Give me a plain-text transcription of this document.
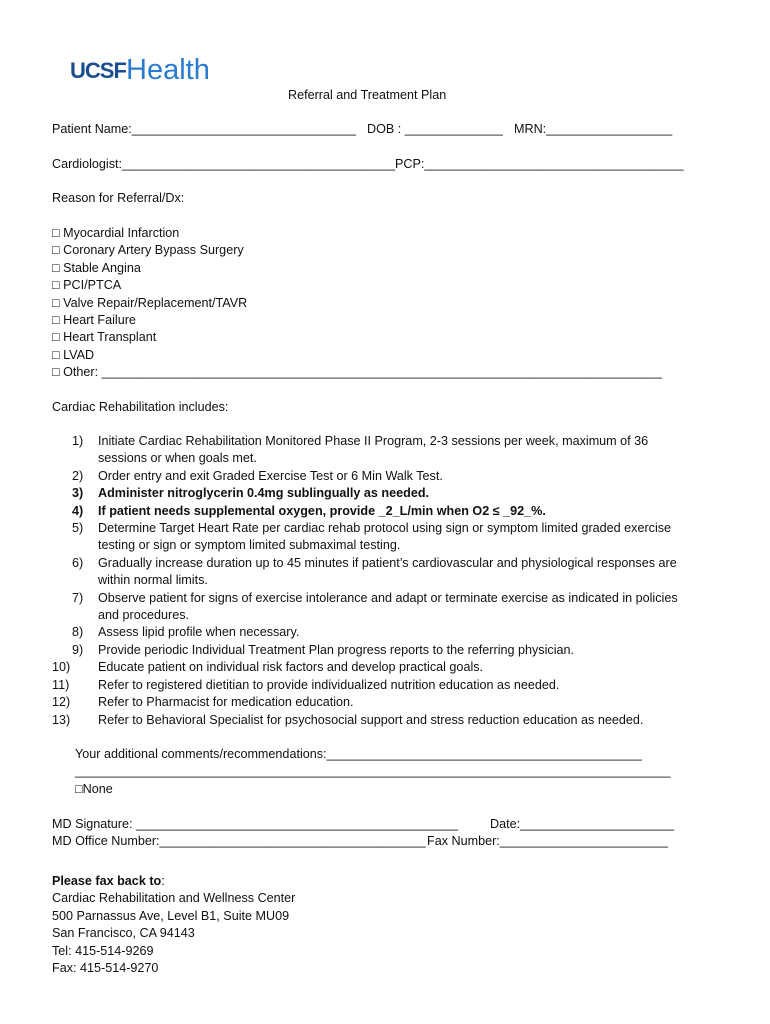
UCSF Health
Referral and Treatment Plan
Patient Name:________________________________ DOB : ______________ MRN:__________________
Cardiologist:_______________________________________ PCP:_____________________________________
Reason for Referral/Dx:
□ Myocardial Infarction
□ Coronary Artery Bypass Surgery
□ Stable Angina
□ PCI/PTCA
□ Valve Repair/Replacement/TAVR
□ Heart Failure
□ Heart Transplant
□ LVAD
□ Other: ________________________________________________________________________________
Cardiac Rehabilitation includes:
1) Initiate Cardiac Rehabilitation Monitored Phase II Program, 2-3 sessions per week, maximum of 36 sessions or when goals met.
2) Order entry and exit Graded Exercise Test or 6 Min Walk Test.
3) Administer nitroglycerin 0.4mg sublingually as needed.
4) If patient needs supplemental oxygen, provide _2_L/min when O2 ≤ _92_%.
5) Determine Target Heart Rate per cardiac rehab protocol using sign or symptom limited graded exercise testing or sign or symptom limited submaximal testing.
6) Gradually increase duration up to 45 minutes if patient’s cardiovascular and physiological responses are within normal limits.
7) Observe patient for signs of exercise intolerance and adapt or terminate exercise as indicated in policies and procedures.
8) Assess lipid profile when necessary.
9) Provide periodic Individual Treatment Plan progress reports to the referring physician.
10) Educate patient on individual risk factors and develop practical goals.
11) Refer to registered dietitian to provide individualized nutrition education as needed.
12) Refer to Pharmacist for medication education.
13) Refer to Behavioral Specialist for psychosocial support and stress reduction education as needed.
Your additional comments/recommendations:_____________________________________________
_____________________________________________________________________________________
□None
MD Signature: ______________________________________________	Date:______________________
MD Office Number:______________________________________ Fax Number:________________________
Please fax back to:
Cardiac Rehabilitation and Wellness Center
500 Parnassus Ave, Level B1, Suite MU09
San Francisco, CA 94143
Tel: 415-514-9269
Fax: 415-514-9270
